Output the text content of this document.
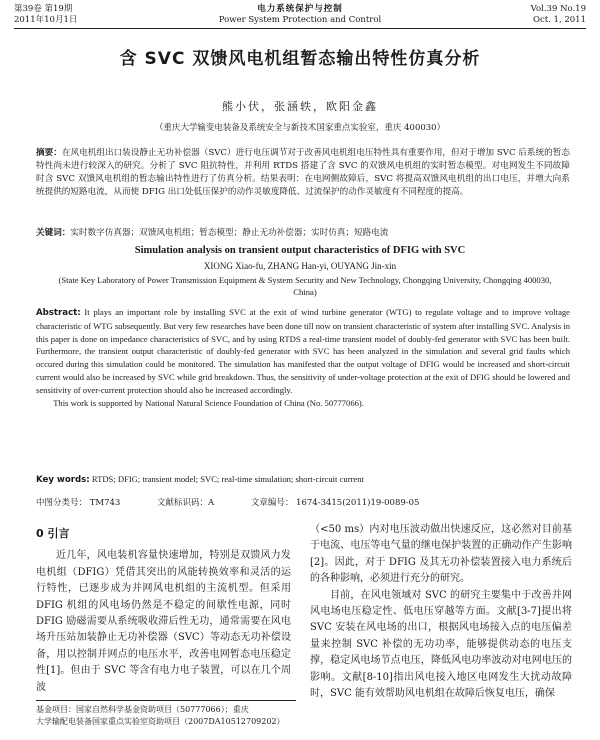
第39卷 第19期
2011年10月1日
电力系统保护与控制
Power System Protection and Control
Vol.39 No.19
Oct. 1, 2011
含 SVC 双馈风电机组暂态输出特性仿真分析
熊小伏，张涵轶，欧阳金鑫
（重庆大学输变电装备及系统安全与新技术国家重点实验室，重庆 400030）
摘要：在风电机组出口装设静止无功补偿器（SVC）进行电压调节对于改善风电机组电压特性具有重要作用，但对于增加 SVC 后系统的暂态特性尚未进行较深入的研究。分析了 SVC 阻抗特性，并利用 RTDS 搭建了含 SVC 的双馈风电机组的实时暂态模型。对电网发生不同故障时含 SVC 双馈风电机组的暂态输出特性进行了仿真分析。结果表明：在电网侧故障后，SVC 将提高双馈风电机组的出口电压，并增大向系统提供的短路电流，从而使 DFIG 出口处低压保护的动作灵敏度降低、过流保护的动作灵敏度有不同程度的提高。
关键词：实时数字仿真器；双馈风电机组；暂态模型；静止无功补偿器；实时仿真；短路电流
Simulation analysis on transient output characteristics of DFIG with SVC
XIONG Xiao-fu, ZHANG Han-yi, OUYANG Jin-xin
(State Key Laboratory of Power Transmission Equipment & System Security and New Technology, Chongqing University, Chongqing 400030, China)
Abstract: It plays an important role by installing SVC at the exit of wind turbine generator (WTG) to regulate voltage and to improve voltage characteristic of WTG subsequently. But very few researches have been done till now on transient characteristic of system after installing SVC. Analysis in this paper is done on impedance characteristics of SVC, and by using RTDS a real-time transient model of doubly-fed generator with SVC has been built. Furthermore, the transient output characteristic of doubly-fed generator with SVC has been analyzed in the simulation and several grid faults which occured during this simulation could be monitored. The simulation has manifested that the output voltage of DFIG would be increased and short-circuit current would also be increased by SVC while grid breakdown. Thus, the sensitivity of under-voltage protection at the exit of DFIG should be lowered and sensitivity of over-current protection should also be increased accordingly.
This work is supported by National Natural Science Foundation of China (No. 50777066).
Key words: RTDS; DFIG; transient model; SVC; real-time simulation; short-circuit current
中图分类号： TM743	文献标识码：A	文章编号： 1674-3415(2011)19-0089-05
0 引言

近几年，风电装机容量快速增加，特别是双馈风力发电机组（DFIG）凭借其突出的风能转换效率和灵活的运行特性，已逐步成为并网风电机组的主流机型。但采用 DFIG 机组的风电场仍然是不稳定的间歇性电源，同时 DFIG 励磁需要从系统吸收滞后性无功，通常需要在风电场升压站加装静止无功补偿器（SVC）等动态无功补偿设备，用以控制并网点的电压水平，改善电网暂态电压稳定性[1]。但由于 SVC 等含有电力电子装置，可以在几个周波

（<50 ms）内对电压波动做出快速反应，这必然对目前基于电流、电压等电气量的继电保护装置的正确动作产生影响[2]。因此，对于 DFIG 及其无功补偿装置接入电力系统后的各种影响，必须进行充分的研究。

目前，在风电领域对 SVC 的研究主要集中于改善并网风电场电压稳定性、低电压穿越等方面。文献[3-7]提出将 SVC 安装在风电场的出口，根据风电场接入点的电压偏差量来控制 SVC 补偿的无功功率，能够提供动态的电压支撑，稳定风电场节点电压，降低风电功率波动对电网电压的影响。文献[8-10]指出风电接入地区电网发生大扰动故障时，SVC 能有效帮助风电机组在故障后恢复电压，确保

基金项目：国家自然科学基金资助项目（50777066）；重庆
大学输配电装备国家重点实验室资助项目（2007DA10512709202）
